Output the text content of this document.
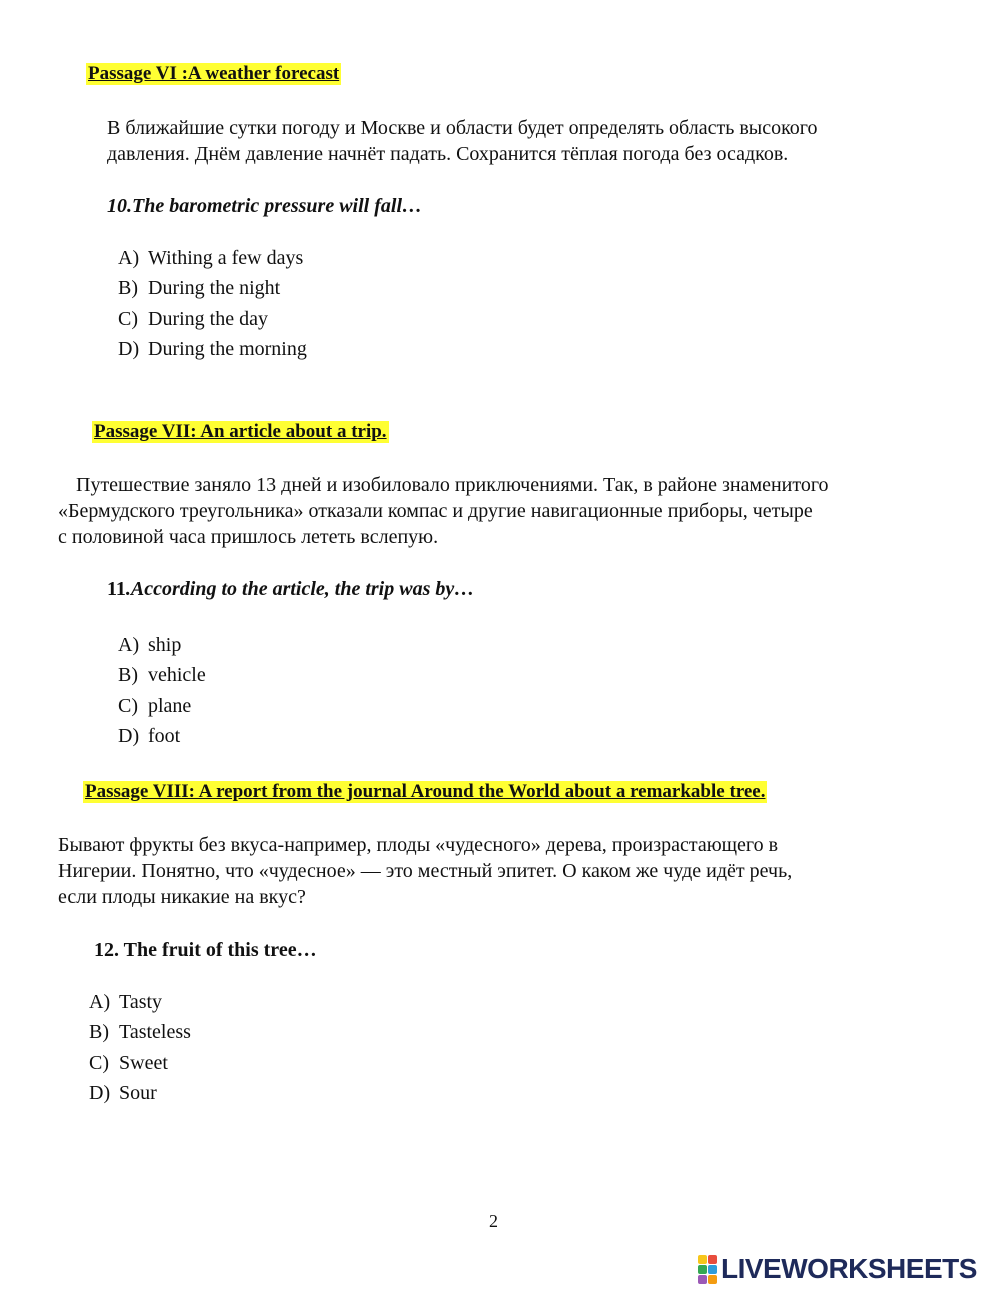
Passage VI :A weather forecast
В ближайшие сутки погоду и Москве и области будет определять область высокого
давления. Днём давление начнёт падать. Сохранится тёплая погода без осадков.
10.The barometric pressure will fall…
A) Withing a few days
B) During the night
C) During the day
D) During the morning
Passage VII: An article about a trip.
Путешествие заняло 13 дней и изобиловало приключениями. Так, в районе знаменитого
«Бермудского треугольника» отказали компас и другие навигационные приборы, четыре
с половиной часа пришлось лететь вслепую.
11.According to the article, the trip was by…
A) ship
B) vehicle
C) plane
D) foot
Passage VIII: A report from the journal Around the World about a remarkable tree.
Бывают фрукты без вкуса-например, плоды «чудесного» дерева, произрастающего в
Нигерии. Понятно, что «чудесное» — это местный эпитет. О каком же чуде идёт речь,
если плоды никакие на вкус?
12. The fruit of this tree…
A) Tasty
B) Tasteless
C) Sweet
D) Sour
2
LIVEWORKSHEETS
